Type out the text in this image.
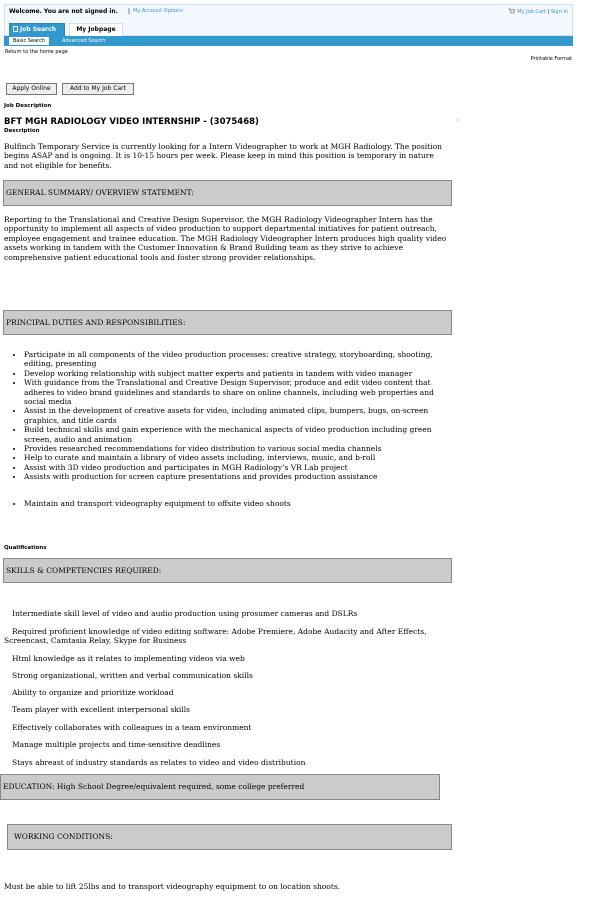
Welcome. You are not signed in. | My Account Options	My Job Cart | Sign In
Job Search	My Jobpage
Basic Search	Advanced Search
Return to the home page
Printable Format
Apply Online	Add to My Job Cart
Job Description
BFT MGH RADIOLOGY VIDEO INTERNSHIP - (3075468)
Description
Bulfinch Temporary Service is currently looking for a Intern Videographer to work at MGH Radiology. The position begins ASAP and is ongoing. It is 10-15 hours per week. Please keep in mind this position is temporary in nature and not eligible for benefits.
GENERAL SUMMARY/ OVERVIEW STATEMENT:
Reporting to the Translational and Creative Design Supervisor, the MGH Radiology Videographer Intern has the opportunity to implement all aspects of video production to support departmental initiatives for patient outreach, employee engagement and trainee education. The MGH Radiology Videographer Intern produces high quality video assets working in tandem with the Customer Innovation & Brand Building team as they strive to achieve comprehensive patient educational tools and foster strong provider relationships.
PRINCIPAL DUTIES AND RESPONSIBILITIES:
• Participate in all components of the video production processes: creative strategy, storyboarding, shooting, editing, presenting
• Develop working relationship with subject matter experts and patients in tandem with video manager
• With guidance from the Translational and Creative Design Supervisor, produce and edit video content that adheres to video brand guidelines and standards to share on online channels, including web properties and social media
• Assist in the development of creative assets for video, including animated clips, bumpers, bugs, on-screen graphics, and title cards
• Build technical skills and gain experience with the mechanical aspects of video production including green screen, audio and animation
• Provides researched recommendations for video distribution to various social media channels
• Help to curate and maintain a library of video assets including, interviews, music, and b-roll
• Assist with 3D video production and participates in MGH Radiology’s VR Lab project
• Assists with production for screen capture presentations and provides production assistance
• Maintain and transport videography equipment to offsite video shoots
Qualifications
SKILLS & COMPETENCIES REQUIRED:
Intermediate skill level of video and audio production using prosumer cameras and DSLRs
Required proficient knowledge of video editing software: Adobe Premiere, Adobe Audacity and After Effects, Screencast, Camtasia Relay, Skype for Business
Html knowledge as it relates to implementing videos via web
Strong organizational, written and verbal communication skills
Ability to organize and prioritize workload
Team player with excellent interpersonal skills
Effectively collaborates with colleagues in a team environment
Manage multiple projects and time-sensitive deadlines
Stays abreast of industry standards as relates to video and video distribution
EDUCATION: High School Degree/equivalent required, some college preferred
WORKING CONDITIONS:
Must be able to lift 25lbs and to transport videography equipment to on location shoots.
